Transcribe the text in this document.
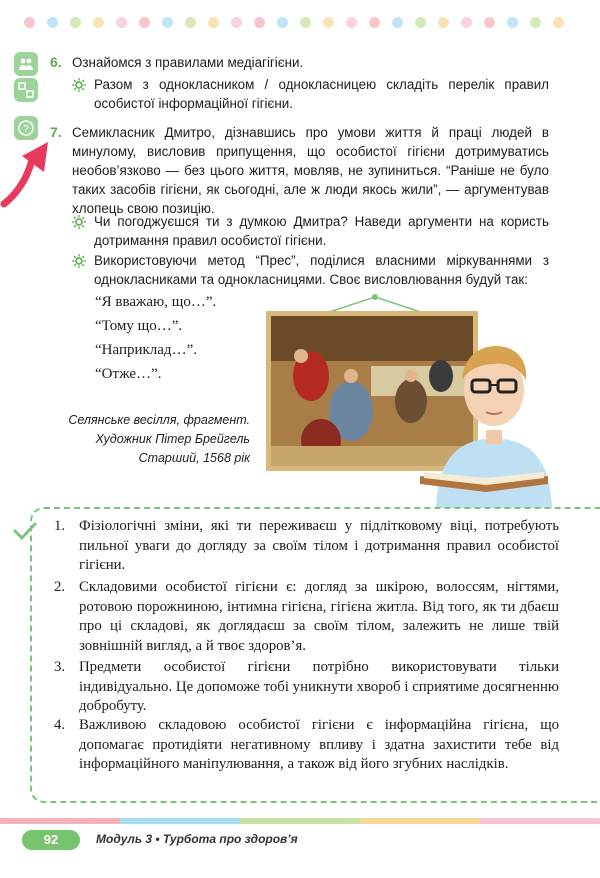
?
6. Ознайомся з правилами медіагігієни.
Разом з однокласником / однокласницею складіть перелік правил особистої інформаційної гігієни.
7. Семикласник Дмитро, дізнавшись про умови життя й праці людей в минулому, висловив припущення, що особистої гігієни дотримуватись необов’язково — без цього життя, мовляв, не зупиниться. “Раніше не було таких засобів гігієни, як сьогодні, але ж люди якось жили”, — аргументував хлопець свою позицію.
Чи погоджуєшся ти з думкою Дмитра? Наведи аргументи на користь дотримання правил особистої гігієни.
Використовуючи метод “Прес”, поділися власними міркуваннями з однокласниками та однокласницями. Своє висловлювання будуй так:
“Я вважаю, що…”.
“Тому що…”.
“Наприклад…”.
“Отже…”.
Селянське весілля, фрагмент.
Художник Пітер Брейгель
Старший, 1568 рік
1. Фізіологічні зміни, які ти переживаєш у підлітковому віці, потребують пильної уваги до догляду за своїм тілом і дотримання правил особистої гігієни.
2. Складовими особистої гігієни є: догляд за шкірою, волоссям, нігтями, ротовою порожниною, інтимна гігієна, гігієна житла. Від того, як ти дбаєш про ці складові, як доглядаєш за своїм тілом, залежить не лише твій зовнішній вигляд, а й твоє здоров’я.
3. Предмети особистої гігієни потрібно використовувати тільки індивідуально. Це допоможе тобі уникнути хвороб і сприятиме досягненню добробуту.
4. Важливою складовою особистої гігієни є інформаційна гігієна, що допомагає протидіяти негативному впливу і здатна захистити тебе від інформаційного маніпулювання, а також від його згубних наслідків.
92	Модуль 3 • Турбота про здоров’я
